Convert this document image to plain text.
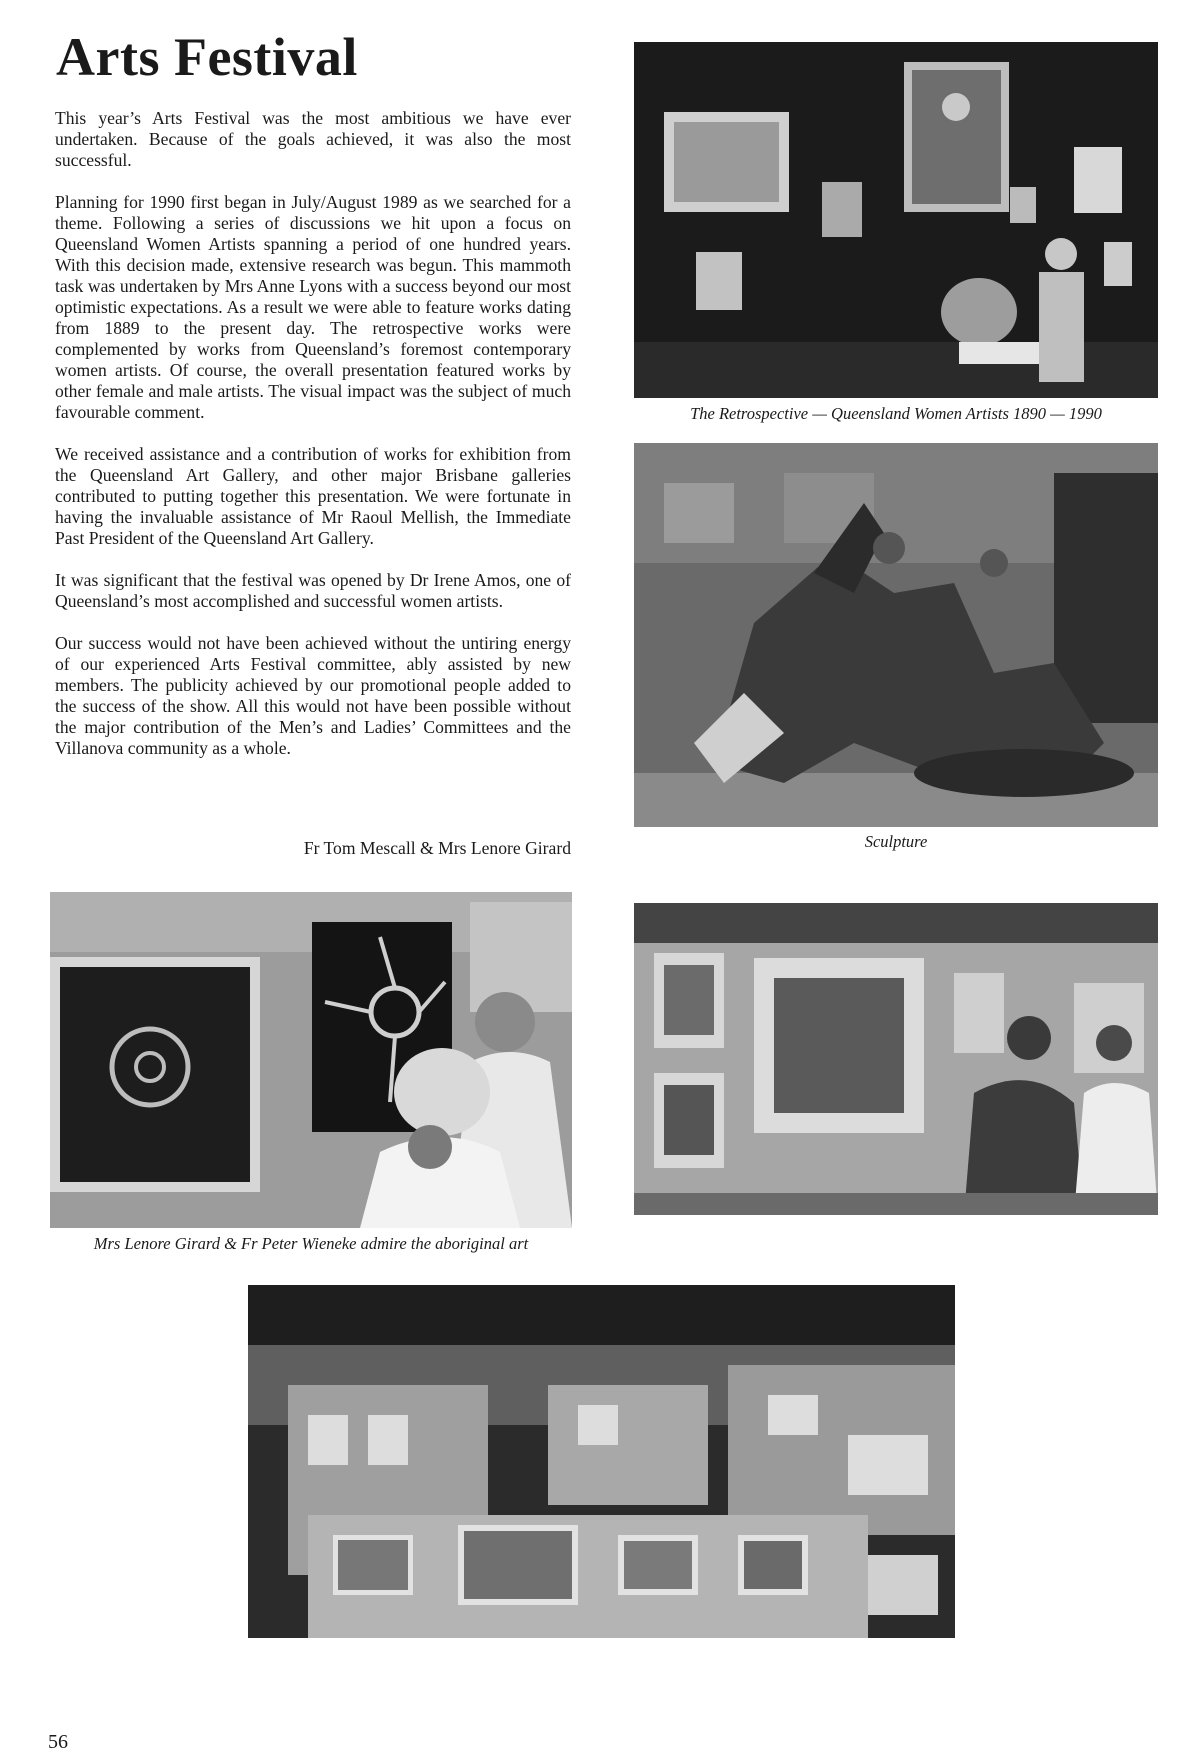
Arts Festival

This year’s Arts Festival was the most ambitious we have ever undertaken. Because of the goals achieved, it was also the most successful.

Planning for 1990 first began in July/August 1989 as we searched for a theme. Following a series of discussions we hit upon a focus on Queensland Women Artists spanning a period of one hundred years. With this decision made, extensive research was begun. This mammoth task was undertaken by Mrs Anne Lyons with a success beyond our most optimistic expectations. As a result we were able to feature works dating from 1889 to the present day. The retrospective works were complemented by works from Queensland’s foremost contemporary women artists. Of course, the overall presentation featured works by other female and male artists. The visual impact was the subject of much favourable comment.

We received assistance and a contribution of works for exhibition from the Queensland Art Gallery, and other major Brisbane galleries contributed to putting together this presentation. We were fortunate in having the invaluable assistance of Mr Raoul Mellish, the Immediate Past President of the Queensland Art Gallery.

It was significant that the festival was opened by Dr Irene Amos, one of Queensland’s most accomplished and successful women artists.

Our success would not have been achieved without the untiring energy of our experienced Arts Festival committee, ably assisted by new members. The publicity achieved by our promotional people added to the success of the show. All this would not have been possible without the major contribution of the Men’s and Ladies’ Committees and the Villanova community as a whole.

Fr Tom Mescall & Mrs Lenore Girard
The Retrospective — Queensland Women Artists 1890 — 1990
Sculpture
Mrs Lenore Girard & Fr Peter Wieneke admire the aboriginal art
56
